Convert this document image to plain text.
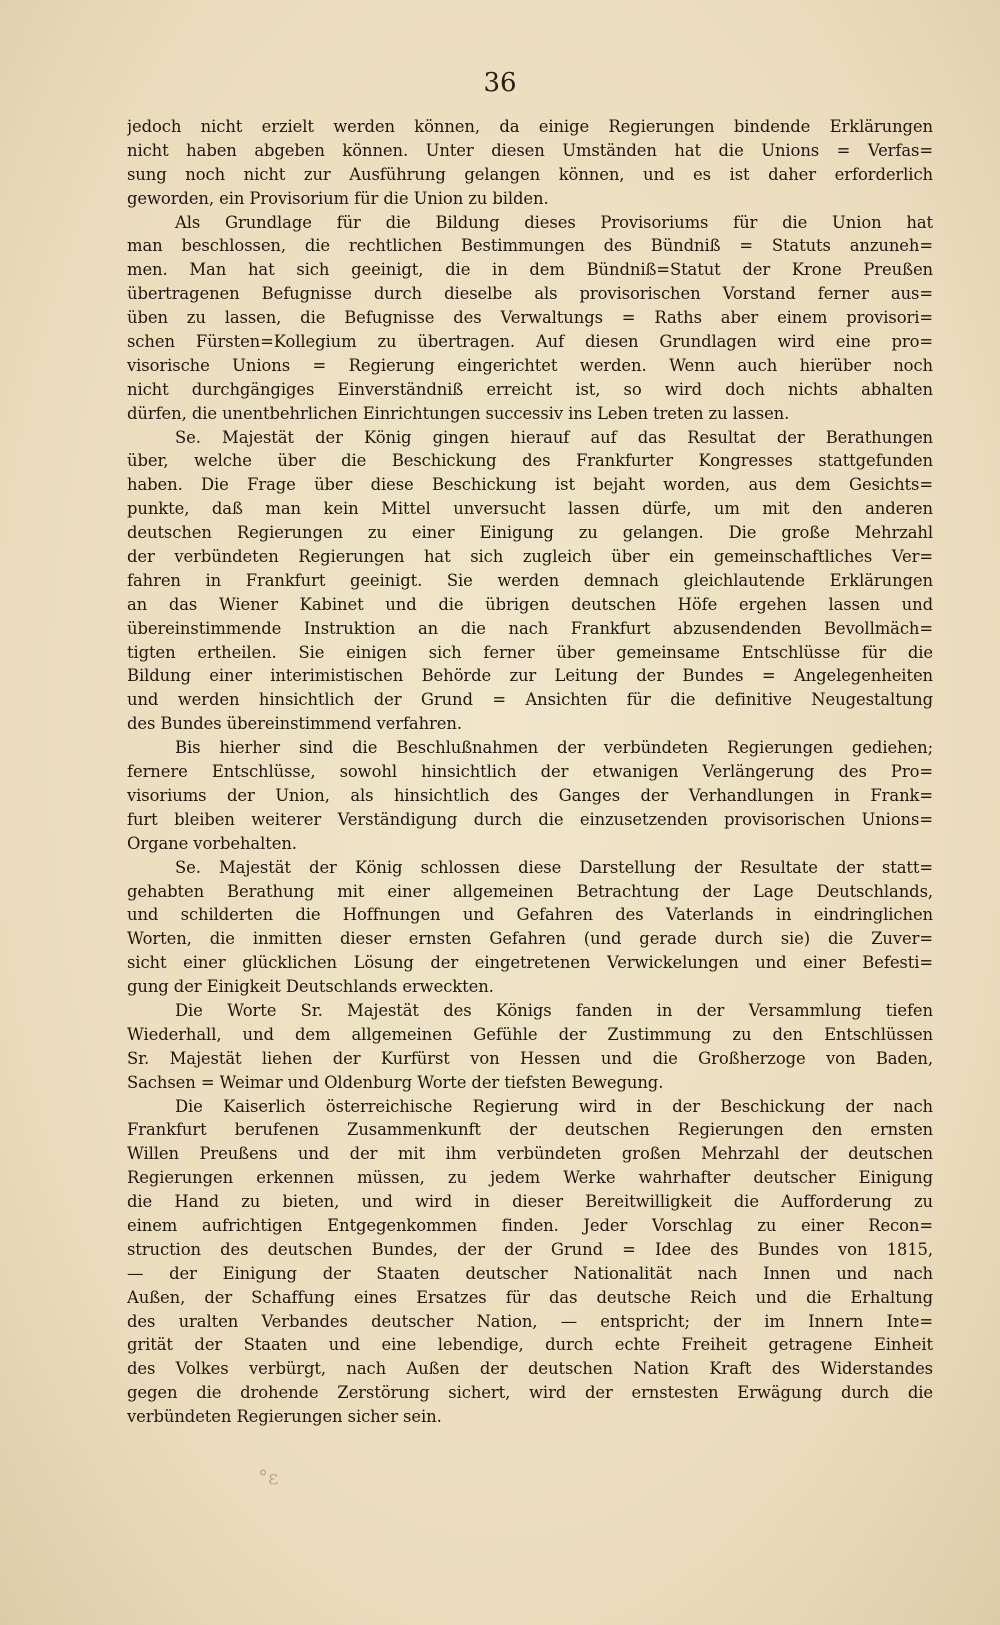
36
jedoch nicht erzielt werden können, da einige Regierungen bindende Erklärungen
nicht haben abgeben können. Unter diesen Umständen hat die Unions = Verfas=
sung noch nicht zur Ausführung gelangen können, und es ist daher erforderlich
geworden, ein Provisorium für die Union zu bilden.
Als Grundlage für die Bildung dieses Provisoriums für die Union hat
man beschlossen, die rechtlichen Bestimmungen des Bündniß = Statuts anzuneh=
men. Man hat sich geeinigt, die in dem Bündniß=Statut der Krone Preußen
übertragenen Befugnisse durch dieselbe als provisorischen Vorstand ferner aus=
üben zu lassen, die Befugnisse des Verwaltungs = Raths aber einem provisori=
schen Fürsten=Kollegium zu übertragen. Auf diesen Grundlagen wird eine pro=
visorische Unions = Regierung eingerichtet werden. Wenn auch hierüber noch
nicht durchgängiges Einverständniß erreicht ist, so wird doch nichts abhalten
dürfen, die unentbehrlichen Einrichtungen successiv ins Leben treten zu lassen.
Se. Majestät der König gingen hierauf auf das Resultat der Berathungen
über, welche über die Beschickung des Frankfurter Kongresses stattgefunden
haben. Die Frage über diese Beschickung ist bejaht worden, aus dem Gesichts=
punkte, daß man kein Mittel unversucht lassen dürfe, um mit den anderen
deutschen Regierungen zu einer Einigung zu gelangen. Die große Mehrzahl
der verbündeten Regierungen hat sich zugleich über ein gemeinschaftliches Ver=
fahren in Frankfurt geeinigt. Sie werden demnach gleichlautende Erklärungen
an das Wiener Kabinet und die übrigen deutschen Höfe ergehen lassen und
übereinstimmende Instruktion an die nach Frankfurt abzusendenden Bevollmäch=
tigten ertheilen. Sie einigen sich ferner über gemeinsame Entschlüsse für die
Bildung einer interimistischen Behörde zur Leitung der Bundes = Angelegenheiten
und werden hinsichtlich der Grund = Ansichten für die definitive Neugestaltung
des Bundes übereinstimmend verfahren.
Bis hierher sind die Beschlußnahmen der verbündeten Regierungen gediehen;
fernere Entschlüsse, sowohl hinsichtlich der etwanigen Verlängerung des Pro=
visoriums der Union, als hinsichtlich des Ganges der Verhandlungen in Frank=
furt bleiben weiterer Verständigung durch die einzusetzenden provisorischen Unions=
Organe vorbehalten.
Se. Majestät der König schlossen diese Darstellung der Resultate der statt=
gehabten Berathung mit einer allgemeinen Betrachtung der Lage Deutschlands,
und schilderten die Hoffnungen und Gefahren des Vaterlands in eindringlichen
Worten, die inmitten dieser ernsten Gefahren (und gerade durch sie) die Zuver=
sicht einer glücklichen Lösung der eingetretenen Verwickelungen und einer Befesti=
gung der Einigkeit Deutschlands erweckten.
Die Worte Sr. Majestät des Königs fanden in der Versammlung tiefen
Wiederhall, und dem allgemeinen Gefühle der Zustimmung zu den Entschlüssen
Sr. Majestät liehen der Kurfürst von Hessen und die Großherzoge von Baden,
Sachsen = Weimar und Oldenburg Worte der tiefsten Bewegung.
Die Kaiserlich österreichische Regierung wird in der Beschickung der nach
Frankfurt berufenen Zusammenkunft der deutschen Regierungen den ernsten
Willen Preußens und der mit ihm verbündeten großen Mehrzahl der deutschen
Regierungen erkennen müssen, zu jedem Werke wahrhafter deutscher Einigung
die Hand zu bieten, und wird in dieser Bereitwilligkeit die Aufforderung zu
einem aufrichtigen Entgegenkommen finden. Jeder Vorschlag zu einer Recon=
struction des deutschen Bundes, der der Grund = Idee des Bundes von 1815,
— der Einigung der Staaten deutscher Nationalität nach Innen und nach
Außen, der Schaffung eines Ersatzes für das deutsche Reich und die Erhaltung
des uralten Verbandes deutscher Nation, — entspricht; der im Innern Inte=
grität der Staaten und eine lebendige, durch echte Freiheit getragene Einheit
des Volkes verbürgt, nach Außen der deutschen Nation Kraft des Widerstandes
gegen die drohende Zerstörung sichert, wird der ernstesten Erwägung durch die
verbündeten Regierungen sicher sein.
°ε
